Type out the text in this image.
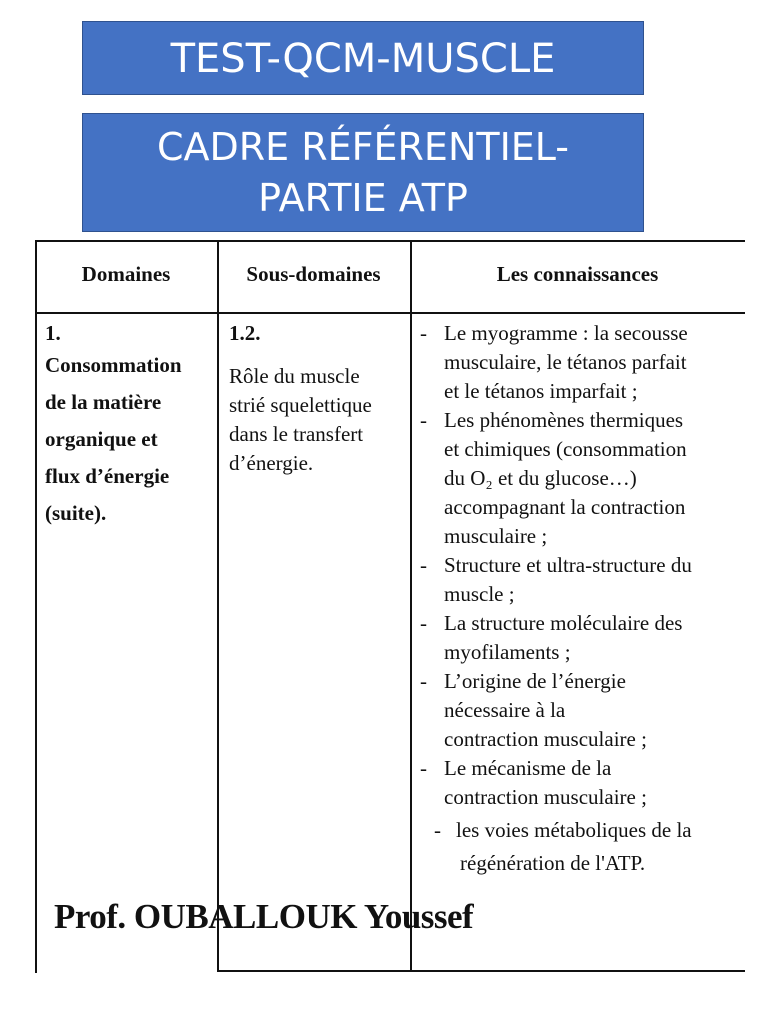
TEST-QCM-MUSCLE
CADRE RÉFÉRENTIEL-
PARTIE ATP
Domaines	Sous-domaines	Les connaissances
1.
Consommation
de la matière
organique et
flux d’énergie
(suite).
1.2.
Rôle du muscle
strié squelettique
dans le transfert
d’énergie.
- Le myogramme : la secousse
musculaire, le tétanos parfait
et le tétanos imparfait ;
- Les phénomènes thermiques
et chimiques (consommation
du O₂ et du glucose…)
accompagnant la contraction
musculaire ;
- Structure et ultra-structure du
muscle ;
- La structure moléculaire des
myofilaments ;
- L’origine de l’énergie
nécessaire à la
contraction musculaire ;
- Le mécanisme de la
contraction musculaire ;
- les voies métaboliques de la
régénération de l'ATP.
Prof. OUBALLOUK Youssef
